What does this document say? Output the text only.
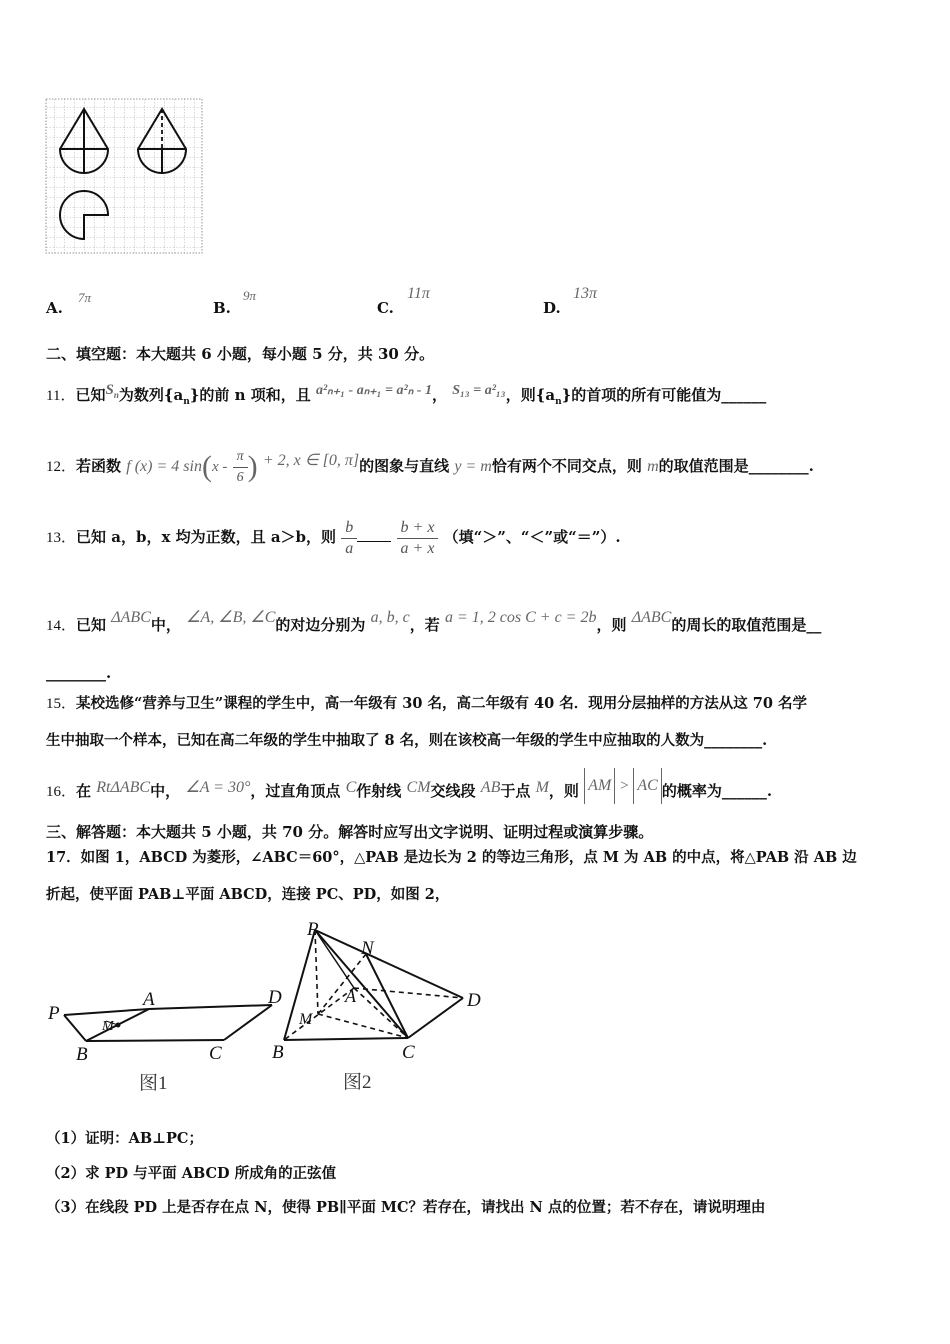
A.
7π
B.
9π
C.
11π
D.
13π
二、填空题：本大题共 6 小题，每小题 5 分，共 30 分。
11．已知$S_n$为数列$\{a_n\}$的前 n 项和，且 a²ₙ₊₁ - aₙ₊₁ = a²ₙ - 1， S₁₃ = a²₁₃，则$\{a_n\}$的首项的所有可能值为______
12．若函数 f (x) = 4 $\sin(x - \frac{\pi}{6}$ ) + 2, x ∈ [0, π]的图象与直线 y = m恰有两个不同交点，则 m的取值范围是________.
13．已知 a，b，x 均为正数，且 a＞b，则 $\frac{b}{a}$
$\frac{b + x}{a + x}$ （填“＞”、“＜”或“＝”）.
14．已知 ΔABC中， ∠A, ∠B, ∠C的对边分别为 a, b, c，若 a = 1, 2 cos C + c = 2b，则 ΔABC的周长的取值范围是__
________.
15．某校选修“营养与卫生”课程的学生中，高一年级有 30 名，高二年级有 40 名．现用分层抽样的方法从这 70 名学
生中抽取一个样本，已知在高二年级的学生中抽取了 8 名，则在该校高一年级的学生中应抽取的人数为________.
16．在 RtΔABC中， ∠A = 30°，过直角顶点 C作射线 CM交线段 AB于点 M，则 AM > AC 的概率为______.
三、解答题：本大题共 5 小题，共 70 分。解答时应写出文字说明、证明过程或演算步骤。
17．如图 1，ABCD 为菱形，∠ABC＝60°，△PAB 是边长为 2 的等边三角形，点 M 为 AB 的中点，将△PAB 沿 AB 边
折起，使平面 PAB⊥平面 ABCD，连接 PC、PD，如图 2，
P
A	D
M
B	C
图1
P
N
A	D
M
B	C
图2
（1）证明：AB⊥PC；
（2）求 PD 与平面 ABCD 所成角的正弦值
（3）在线段 PD 上是否存在点 N，使得 PB∥平面 MC？若存在，请找出 N 点的位置；若不存在，请说明理由
